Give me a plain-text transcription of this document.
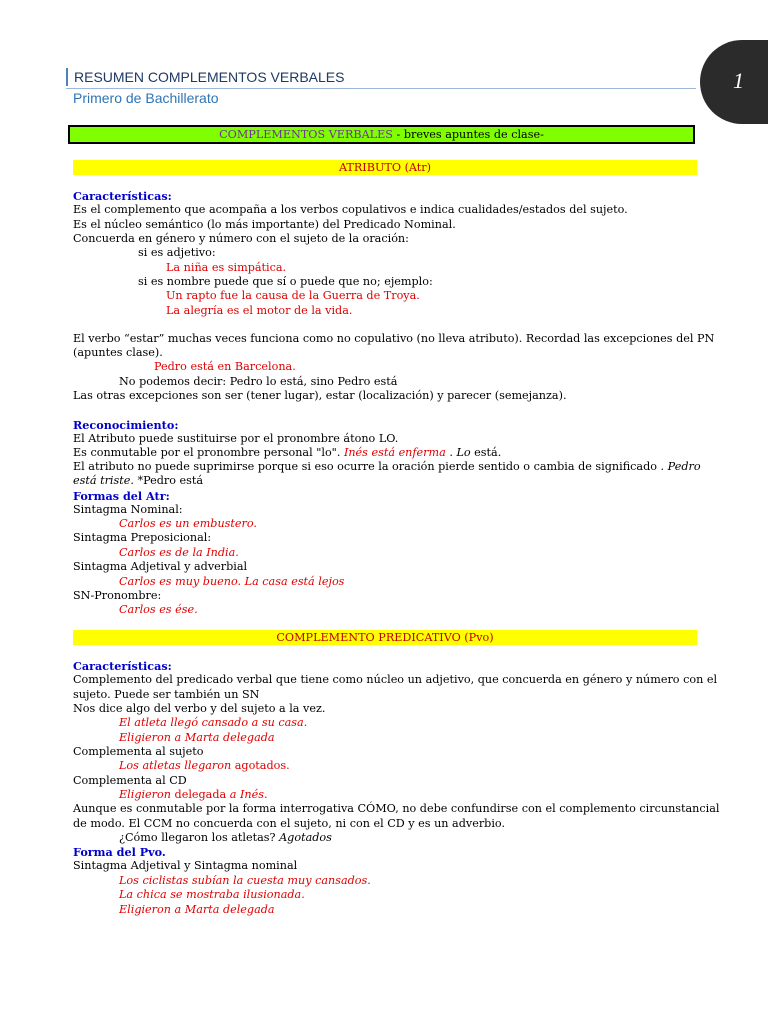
RESUMEN COMPLEMENTOS VERBALES
Primero de Bachillerato
1
COMPLEMENTOS VERBALES - breves apuntes de clase-
ATRIBUTO (Atr)
Características:
Es el complemento que acompaña a los verbos copulativos e indica cualidades/estados del sujeto.
Es el núcleo semántico (lo más importante) del Predicado Nominal.
Concuerda en género y número con el sujeto de la oración:
si es adjetivo:
La niña es simpática.
si es nombre puede que sí o puede que no; ejemplo:
Un rapto fue la causa de la Guerra de Troya.
La alegría es el motor de la vida.
El verbo “estar” muchas veces funciona como no copulativo (no lleva atributo). Recordad las excepciones del PN
(apuntes clase).
Pedro está en Barcelona.
No podemos decir: Pedro lo está, sino Pedro está
Las otras excepciones son ser (tener lugar), estar (localización) y parecer (semejanza).
Reconocimiento:
El Atributo puede sustituirse por el pronombre átono LO.
Es conmutable por el pronombre personal "lo". Inés está enferma . Lo está.
El atributo no puede suprimirse porque si eso ocurre la oración pierde sentido o cambia de significado . Pedro
está triste. *Pedro está
Formas del Atr:
Sintagma Nominal:
Carlos es un embustero.
Sintagma Preposicional:
Carlos es de la India.
Sintagma Adjetival y adverbial
Carlos es muy bueno. La casa está lejos
SN-Pronombre:
Carlos es ése.
COMPLEMENTO PREDICATIVO (Pvo)
Características:
Complemento del predicado verbal que tiene como núcleo un adjetivo, que concuerda en género y número con el
sujeto. Puede ser también un SN
Nos dice algo del verbo y del sujeto a la vez.
El atleta llegó cansado a su casa.
Eligieron a Marta delegada
Complementa al sujeto
Los atletas llegaron agotados.
Complementa al CD
Eligieron delegada a Inés.
Aunque es conmutable por la forma interrogativa CÓMO, no debe confundirse con el complemento circunstancial
de modo. El CCM no concuerda con el sujeto, ni con el CD y es un adverbio.
¿Cómo llegaron los atletas? Agotados
Forma del Pvo.
Sintagma Adjetival y Sintagma nominal
Los ciclistas subían la cuesta muy cansados.
La chica se mostraba ilusionada.
Eligieron a Marta delegada
